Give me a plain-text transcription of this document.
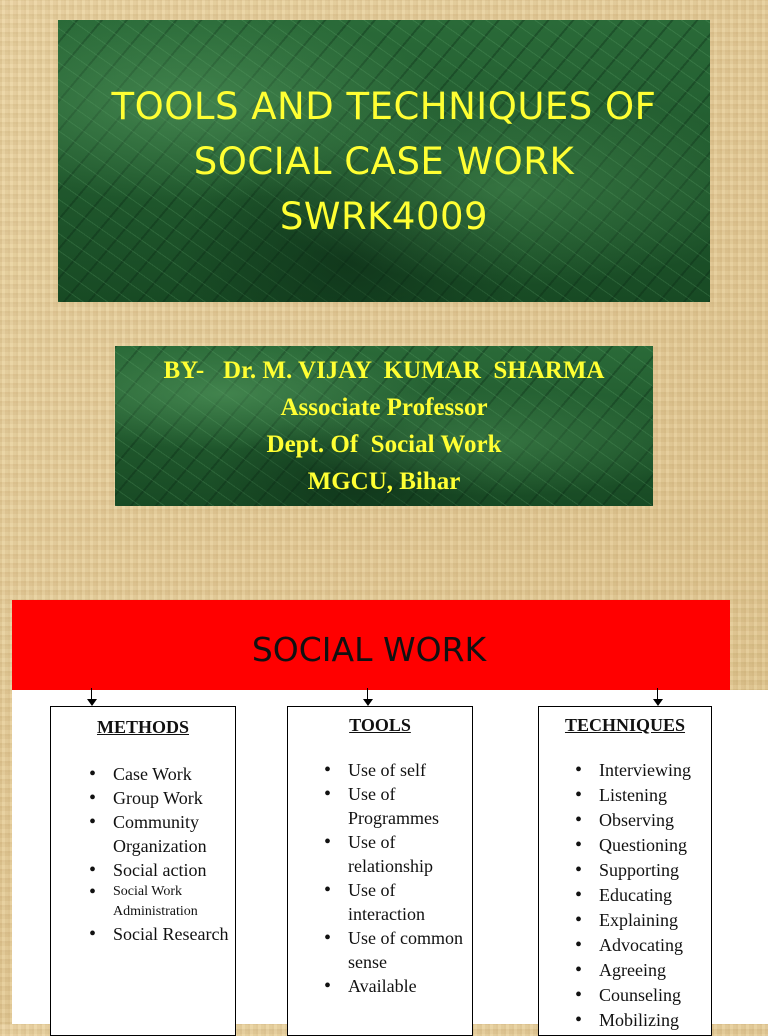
TOOLS AND TECHNIQUES OF
SOCIAL CASE WORK
SWRK4009
BY-   Dr. M. VIJAY  KUMAR  SHARMA
Associate Professor
Dept. Of  Social Work
MGCU, Bihar
SOCIAL WORK
METHODS
• Case Work
• Group Work
• Community Organization
• Social action
• Social Work Administration
• Social Research
TOOLS
• Use of self
• Use of Programmes
• Use of relationship
• Use of interaction
• Use of common sense
• Available
TECHNIQUES
• Interviewing
• Listening
• Observing
• Questioning
• Supporting
• Educating
• Explaining
• Advocating
• Agreeing
• Counseling
• Mobilizing
